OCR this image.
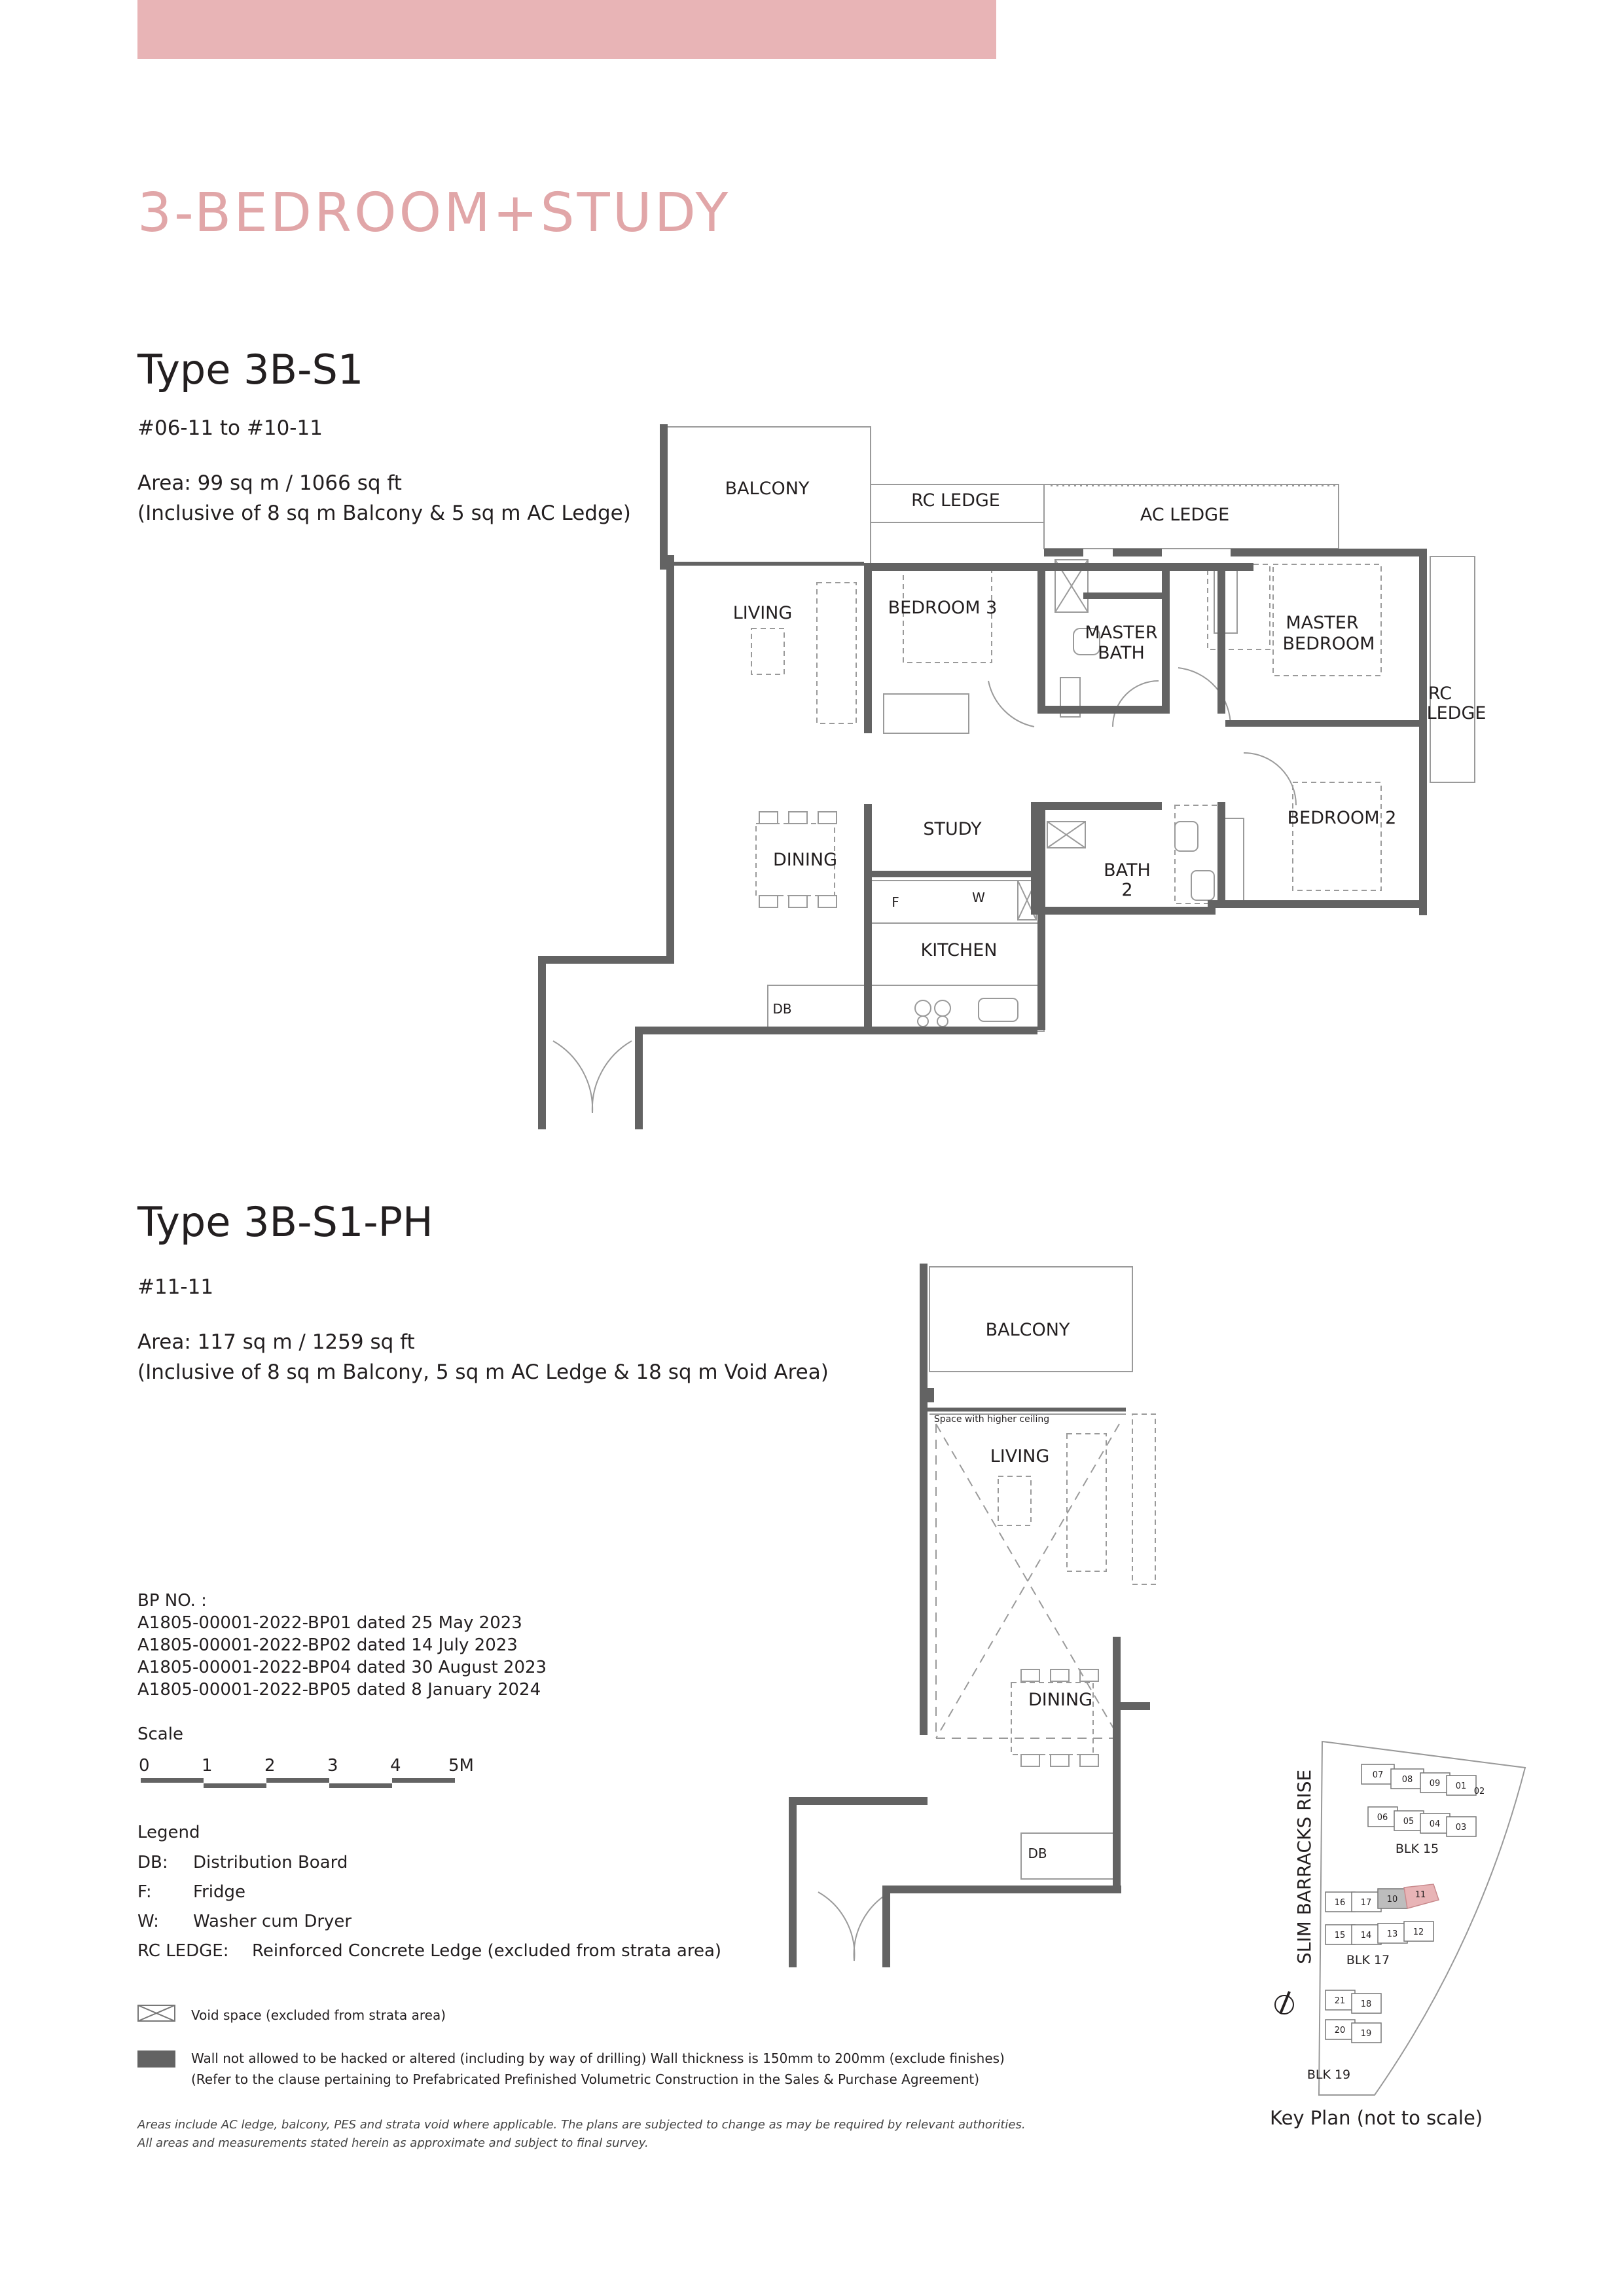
3-BEDROOM+STUDY
Type 3B-S1
#06-11 to #10-11
Area: 99 sq m / 1066 sq ft
(Inclusive of 8 sq m Balcony & 5 sq m AC Ledge)
BALCONY
RC LEDGE
AC LEDGE
LIVING	BEDROOM 3
MASTER
BATH
MASTER
BEDROOM
RC
LEDGE
STUDY
DINING
BEDROOM 2
BATH
2
KITCHEN
DB
F	W
Type 3B-S1-PH
#11-11
Area: 117 sq m / 1259 sq ft
(Inclusive of 8 sq m Balcony, 5 sq m AC Ledge & 18 sq m Void Area)
BALCONY
Space with higher ceiling
LIVING
DINING
DB
BP NO. :
A1805-00001-2022-BP01 dated 25 May 2023
A1805-00001-2022-BP02 dated 14 July 2023
A1805-00001-2022-BP04 dated 30 August 2023
A1805-00001-2022-BP05 dated 8 January 2024
Scale
0	1	2	3	4	5M
Legend
DB: Distribution Board
F: Fridge
W: Washer cum Dryer
RC LEDGE: Reinforced Concrete Ledge (excluded from strata area)
Void space (excluded from strata area)
Wall not allowed to be hacked or altered (including by way of drilling) Wall thickness is 150mm to 200mm (exclude finishes)
(Refer to the clause pertaining to Prefabricated Prefinished Volumetric Construction in the Sales & Purchase Agreement)
Areas include AC ledge, balcony, PES and strata void where applicable. The plans are subjected to change as may be required by relevant authorities.
All areas and measurements stated herein as approximate and subject to final survey.
07 08 09 01
02
06 05 04 03
16 17 10 11
15 14 13 12
21 18
20 19
BLK 15
BLK 17
BLK 19
SLIM BARRACKS RISE
Key Plan (not to scale)
